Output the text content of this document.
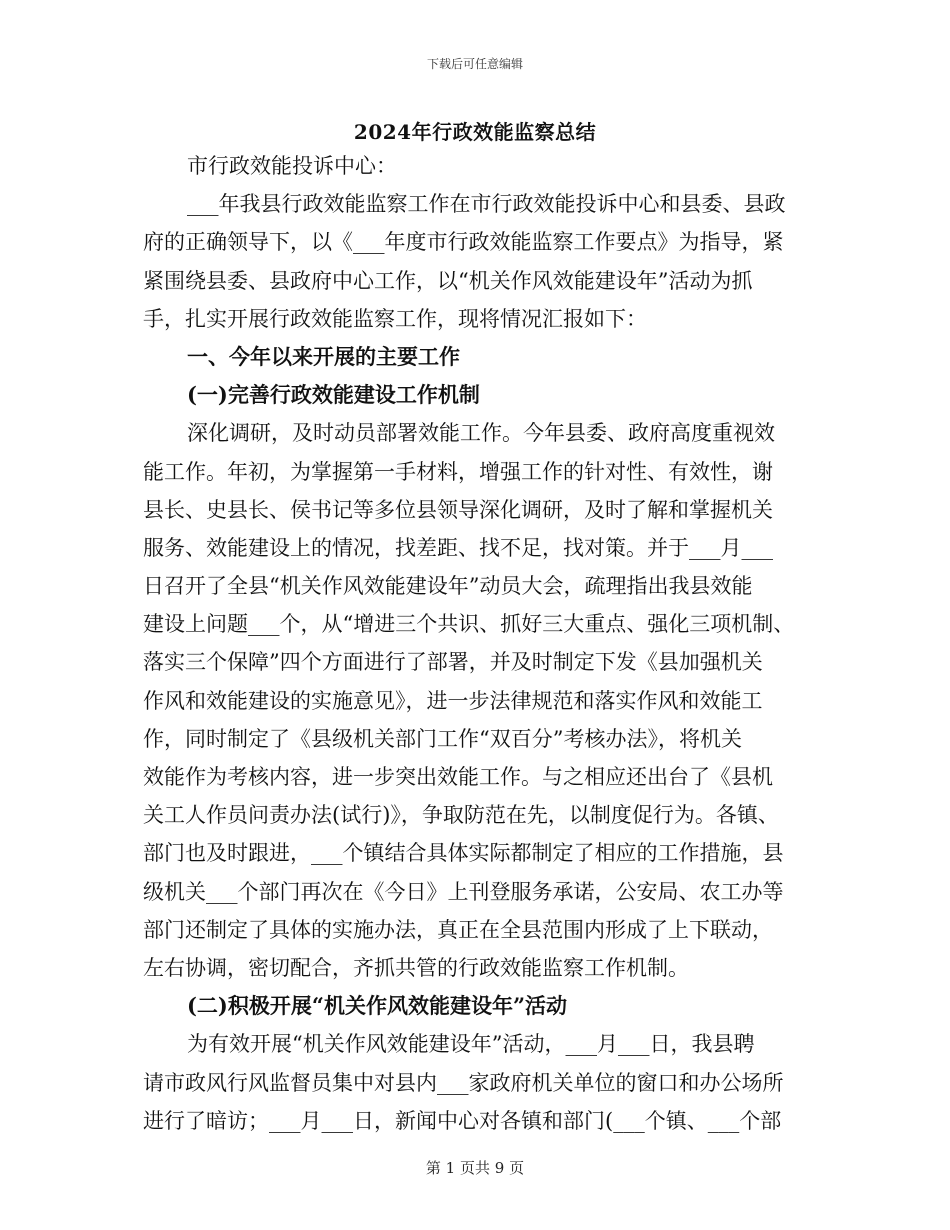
下载后可任意编辑
2024年行政效能监察总结
市行政效能投诉中心：
___年我县行政效能监察工作在市行政效能投诉中心和县委、县政
府的正确领导下，以《___年度市行政效能监察工作要点》为指导，紧
紧围绕县委、县政府中心工作，以“机关作风效能建设年”活动为抓
手，扎实开展行政效能监察工作，现将情况汇报如下：
一、今年以来开展的主要工作
(一)完善行政效能建设工作机制
深化调研，及时动员部署效能工作。今年县委、政府高度重视效
能工作。年初，为掌握第一手材料，增强工作的针对性、有效性，谢
县长、史县长、侯书记等多位县领导深化调研，及时了解和掌握机关
服务、效能建设上的情况，找差距、找不足，找对策。并于___月___
日召开了全县“机关作风效能建设年”动员大会，疏理指出我县效能
建设上问题___个，从“增进三个共识、抓好三大重点、强化三项机制、
落实三个保障”四个方面进行了部署，并及时制定下发《县加强机关
作风和效能建设的实施意见》，进一步法律规范和落实作风和效能工
作，同时制定了《县级机关部门工作“双百分”考核办法》，将机关
效能作为考核内容，进一步突出效能工作。与之相应还出台了《县机
关工人作员问责办法(试行)》，争取防范在先，以制度促行为。各镇、
部门也及时跟进，___个镇结合具体实际都制定了相应的工作措施，县
级机关___个部门再次在《今日》上刊登服务承诺，公安局、农工办等
部门还制定了具体的实施办法，真正在全县范围内形成了上下联动，
左右协调，密切配合，齐抓共管的行政效能监察工作机制。
(二)积极开展“机关作风效能建设年”活动
为有效开展“机关作风效能建设年”活动，___月___日，我县聘
请市政风行风监督员集中对县内___家政府机关单位的窗口和办公场所
进行了暗访；___月___日，新闻中心对各镇和部门(___个镇、___个部
第 1 页共 9 页
